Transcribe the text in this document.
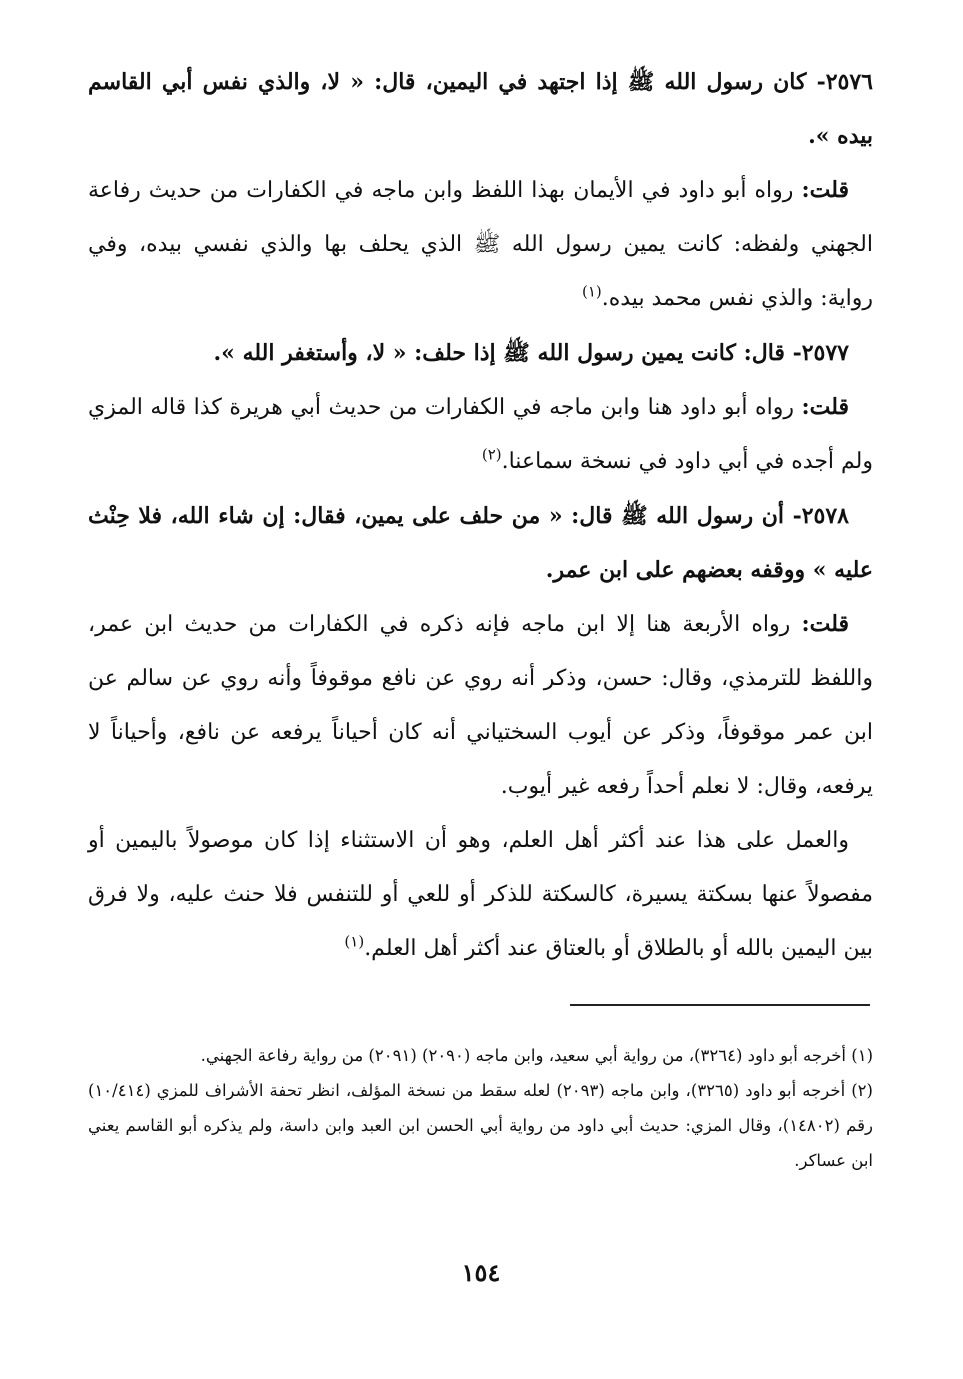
٢٥٧٦- كان رسول الله ﷺ إذا اجتهد في اليمين، قال: « لا، والذي نفس أبي القاسم بيده ».

قلت: رواه أبو داود في الأيمان بهذا اللفظ وابن ماجه في الكفارات من حديث رفاعة الجهني ولفظه: كانت يمين رسول الله ﷺ الذي يحلف بها والذي نفسي بيده، وفي رواية: والذي نفس محمد بيده.$^{(١)}$

٢٥٧٧- قال: كانت يمين رسول الله ﷺ إذا حلف: « لا، وأستغفر الله ».

قلت: رواه أبو داود هنا وابن ماجه في الكفارات من حديث أبي هريرة كذا قاله المزي ولم أجده في أبي داود في نسخة سماعنا.$^{(٢)}$

٢٥٧٨- أن رسول الله ﷺ قال: « من حلف على يمين، فقال: إن شاء الله، فلا حِنْث عليه » ووقفه بعضهم على ابن عمر.

قلت: رواه الأربعة هنا إلا ابن ماجه فإنه ذكره في الكفارات من حديث ابن عمر، واللفظ للترمذي، وقال: حسن، وذكر أنه روي عن نافع موقوفاً وأنه روي عن سالم عن ابن عمر موقوفاً، وذكر عن أيوب السختياني أنه كان أحياناً يرفعه عن نافع، وأحياناً لا يرفعه، وقال: لا نعلم أحداً رفعه غير أيوب.

والعمل على هذا عند أكثر أهل العلم، وهو أن الاستثناء إذا كان موصولاً باليمين أو مفصولاً عنها بسكتة يسيرة، كالسكتة للذكر أو للعي أو للتنفس فلا حنث عليه، ولا فرق بين اليمين بالله أو بالطلاق أو بالعتاق عند أكثر أهل العلم.$^{(١)}$

(١) أخرجه أبو داود (٣٢٦٤)، من رواية أبي سعيد، وابن ماجه (٢٠٩٠) (٢٠٩١) من رواية رفاعة الجهني.

(٢) أخرجه أبو داود (٣٢٦٥)، وابن ماجه (٢٠٩٣) لعله سقط من نسخة المؤلف، انظر تحفة الأشراف للمزي (١٠/٤١٤) رقم (١٤٨٠٢)، وقال المزي: حديث أبي داود من رواية أبي الحسن ابن العبد وابن داسة، ولم يذكره أبو القاسم يعني ابن عساكر.

١٥٤
